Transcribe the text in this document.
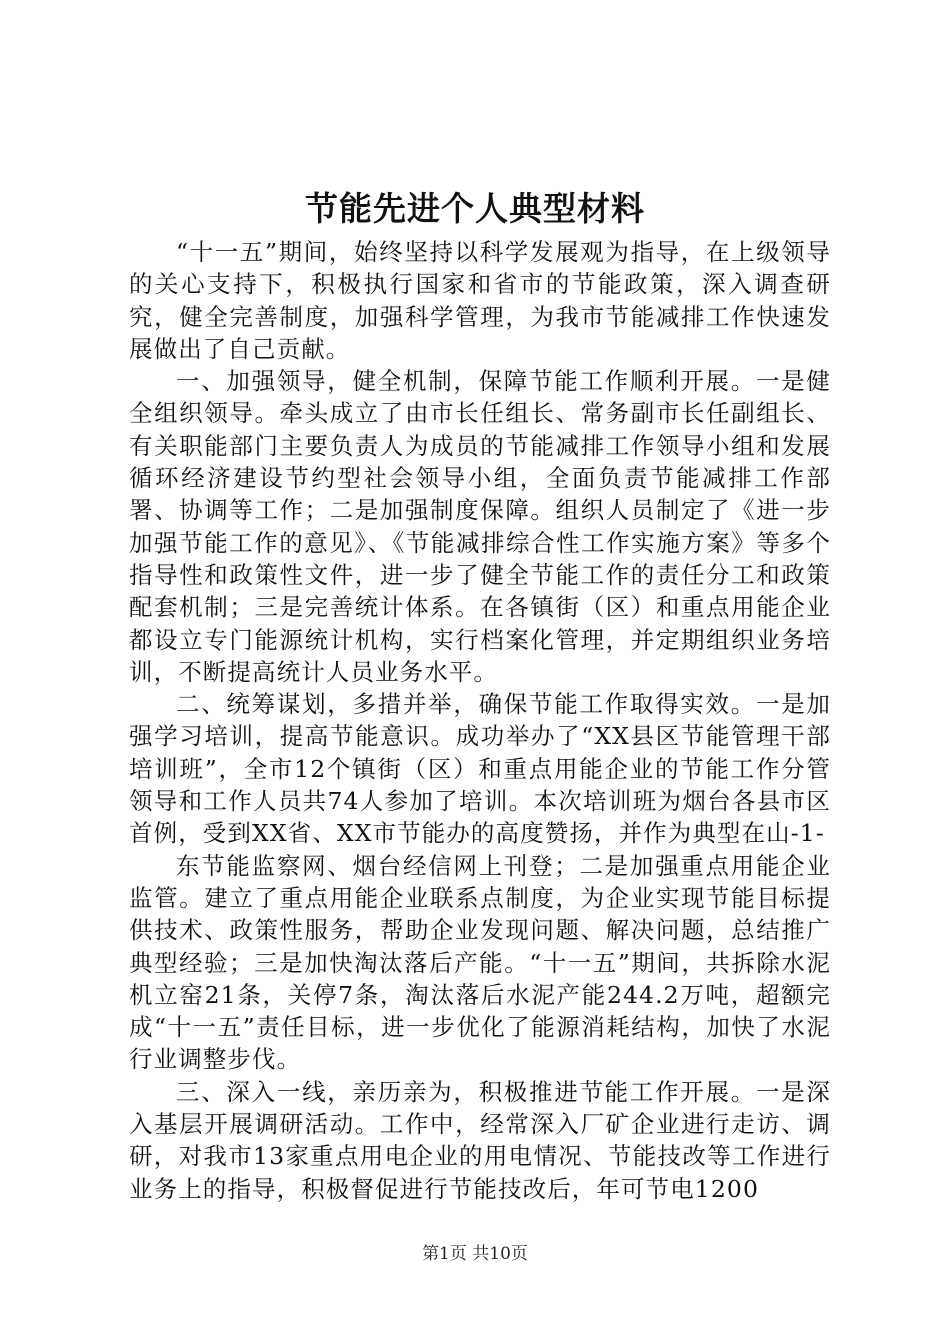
节能先进个人典型材料

“十一五”期间，始终坚持以科学发展观为指导，在上级领导的关心支持下，积极执行国家和省市的节能政策，深入调查研究，健全完善制度，加强科学管理，为我市节能减排工作快速发展做出了自己贡献。

一、加强领导，健全机制，保障节能工作顺利开展。一是健全组织领导。牵头成立了由市长任组长、常务副市长任副组长、有关职能部门主要负责人为成员的节能减排工作领导小组和发展循环经济建设节约型社会领导小组，全面负责节能减排工作部署、协调等工作；二是加强制度保障。组织人员制定了《进一步加强节能工作的意见》、《节能减排综合性工作实施方案》等多个指导性和政策性文件，进一步了健全节能工作的责任分工和政策配套机制；三是完善统计体系。在各镇街（区）和重点用能企业都设立专门能源统计机构，实行档案化管理，并定期组织业务培训，不断提高统计人员业务水平。

二、统筹谋划，多措并举，确保节能工作取得实效。一是加强学习培训，提高节能意识。成功举办了“XX县区节能管理干部培训班”，全市12个镇街（区）和重点用能企业的节能工作分管领导和工作人员共74人参加了培训。本次培训班为烟台各县市区首例，受到XX省、XX市节能办的高度赞扬，并作为典型在山-1-

东节能监察网、烟台经信网上刊登；二是加强重点用能企业监管。建立了重点用能企业联系点制度，为企业实现节能目标提供技术、政策性服务，帮助企业发现问题、解决问题，总结推广典型经验；三是加快淘汰落后产能。“十一五”期间，共拆除水泥机立窑21条，关停7条，淘汰落后水泥产能244.2万吨，超额完成“十一五”责任目标，进一步优化了能源消耗结构，加快了水泥行业调整步伐。

三、深入一线，亲历亲为，积极推进节能工作开展。一是深入基层开展调研活动。工作中，经常深入厂矿企业进行走访、调研，对我市13家重点用电企业的用电情况、节能技改等工作进行业务上的指导，积极督促进行节能技改后，年可节电1200

第1页 共10页
